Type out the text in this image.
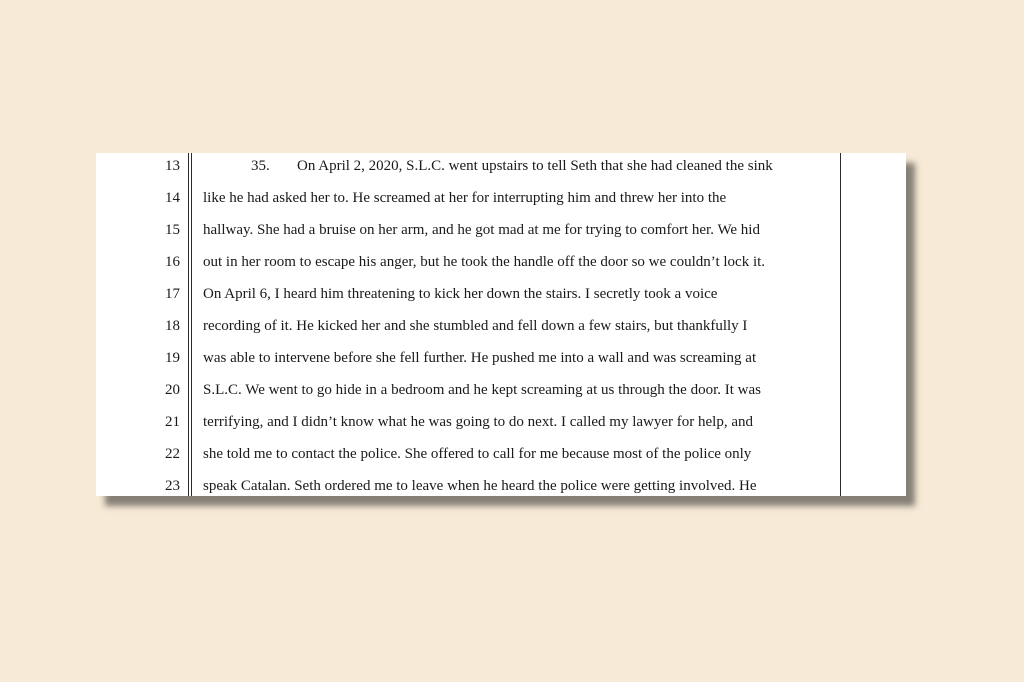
13
14
15
16
17
18
19
20
21
22
23
35. On April 2, 2020, S.L.C. went upstairs to tell Seth that she had cleaned the sink
like he had asked her to. He screamed at her for interrupting him and threw her into the
hallway. She had a bruise on her arm, and he got mad at me for trying to comfort her. We hid
out in her room to escape his anger, but he took the handle off the door so we couldn’t lock it.
On April 6, I heard him threatening to kick her down the stairs. I secretly took a voice
recording of it. He kicked her and she stumbled and fell down a few stairs, but thankfully I
was able to intervene before she fell further. He pushed me into a wall and was screaming at
S.L.C. We went to go hide in a bedroom and he kept screaming at us through the door. It was
terrifying, and I didn’t know what he was going to do next. I called my lawyer for help, and
she told me to contact the police. She offered to call for me because most of the police only
speak Catalan. Seth ordered me to leave when he heard the police were getting involved. He
